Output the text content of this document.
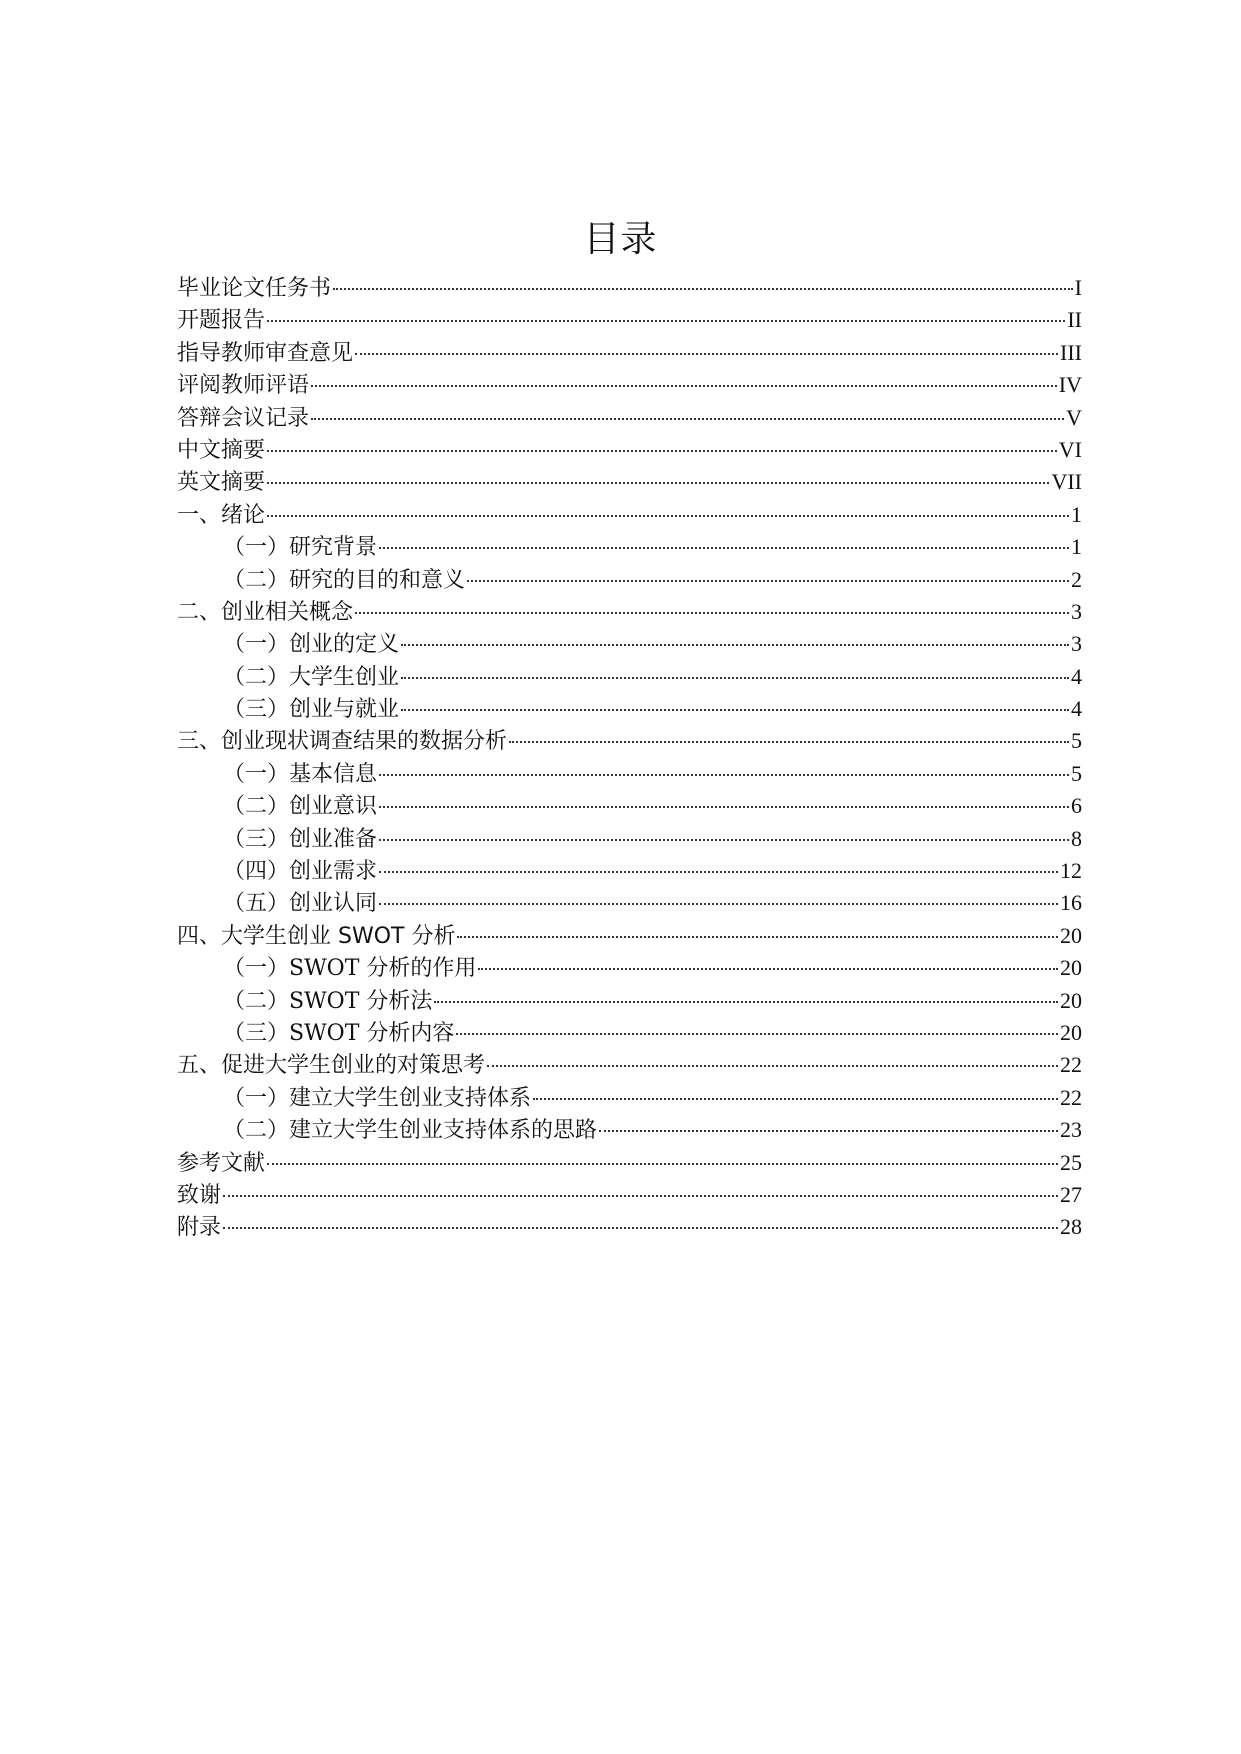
目录
毕业论文任务书	I
开题报告	II
指导教师审查意见	III
评阅教师评语	IV
答辩会议记录	V
中文摘要	VI
英文摘要	VII
一、绪论	1
（一）研究背景	1
（二）研究的目的和意义	2
二、创业相关概念	3
（一）创业的定义	3
（二）大学生创业	4
（三）创业与就业	4
三、创业现状调查结果的数据分析	5
（一）基本信息	5
（二）创业意识	6
（三）创业准备	8
（四）创业需求	12
（五）创业认同	16
四、大学生创业 SWOT 分析	20
（一）SWOT 分析的作用	20
（二）SWOT 分析法	20
（三）SWOT 分析内容	20
五、促进大学生创业的对策思考	22
（一）建立大学生创业支持体系	22
（二）建立大学生创业支持体系的思路	23
参考文献	25
致谢	27
附录	28
